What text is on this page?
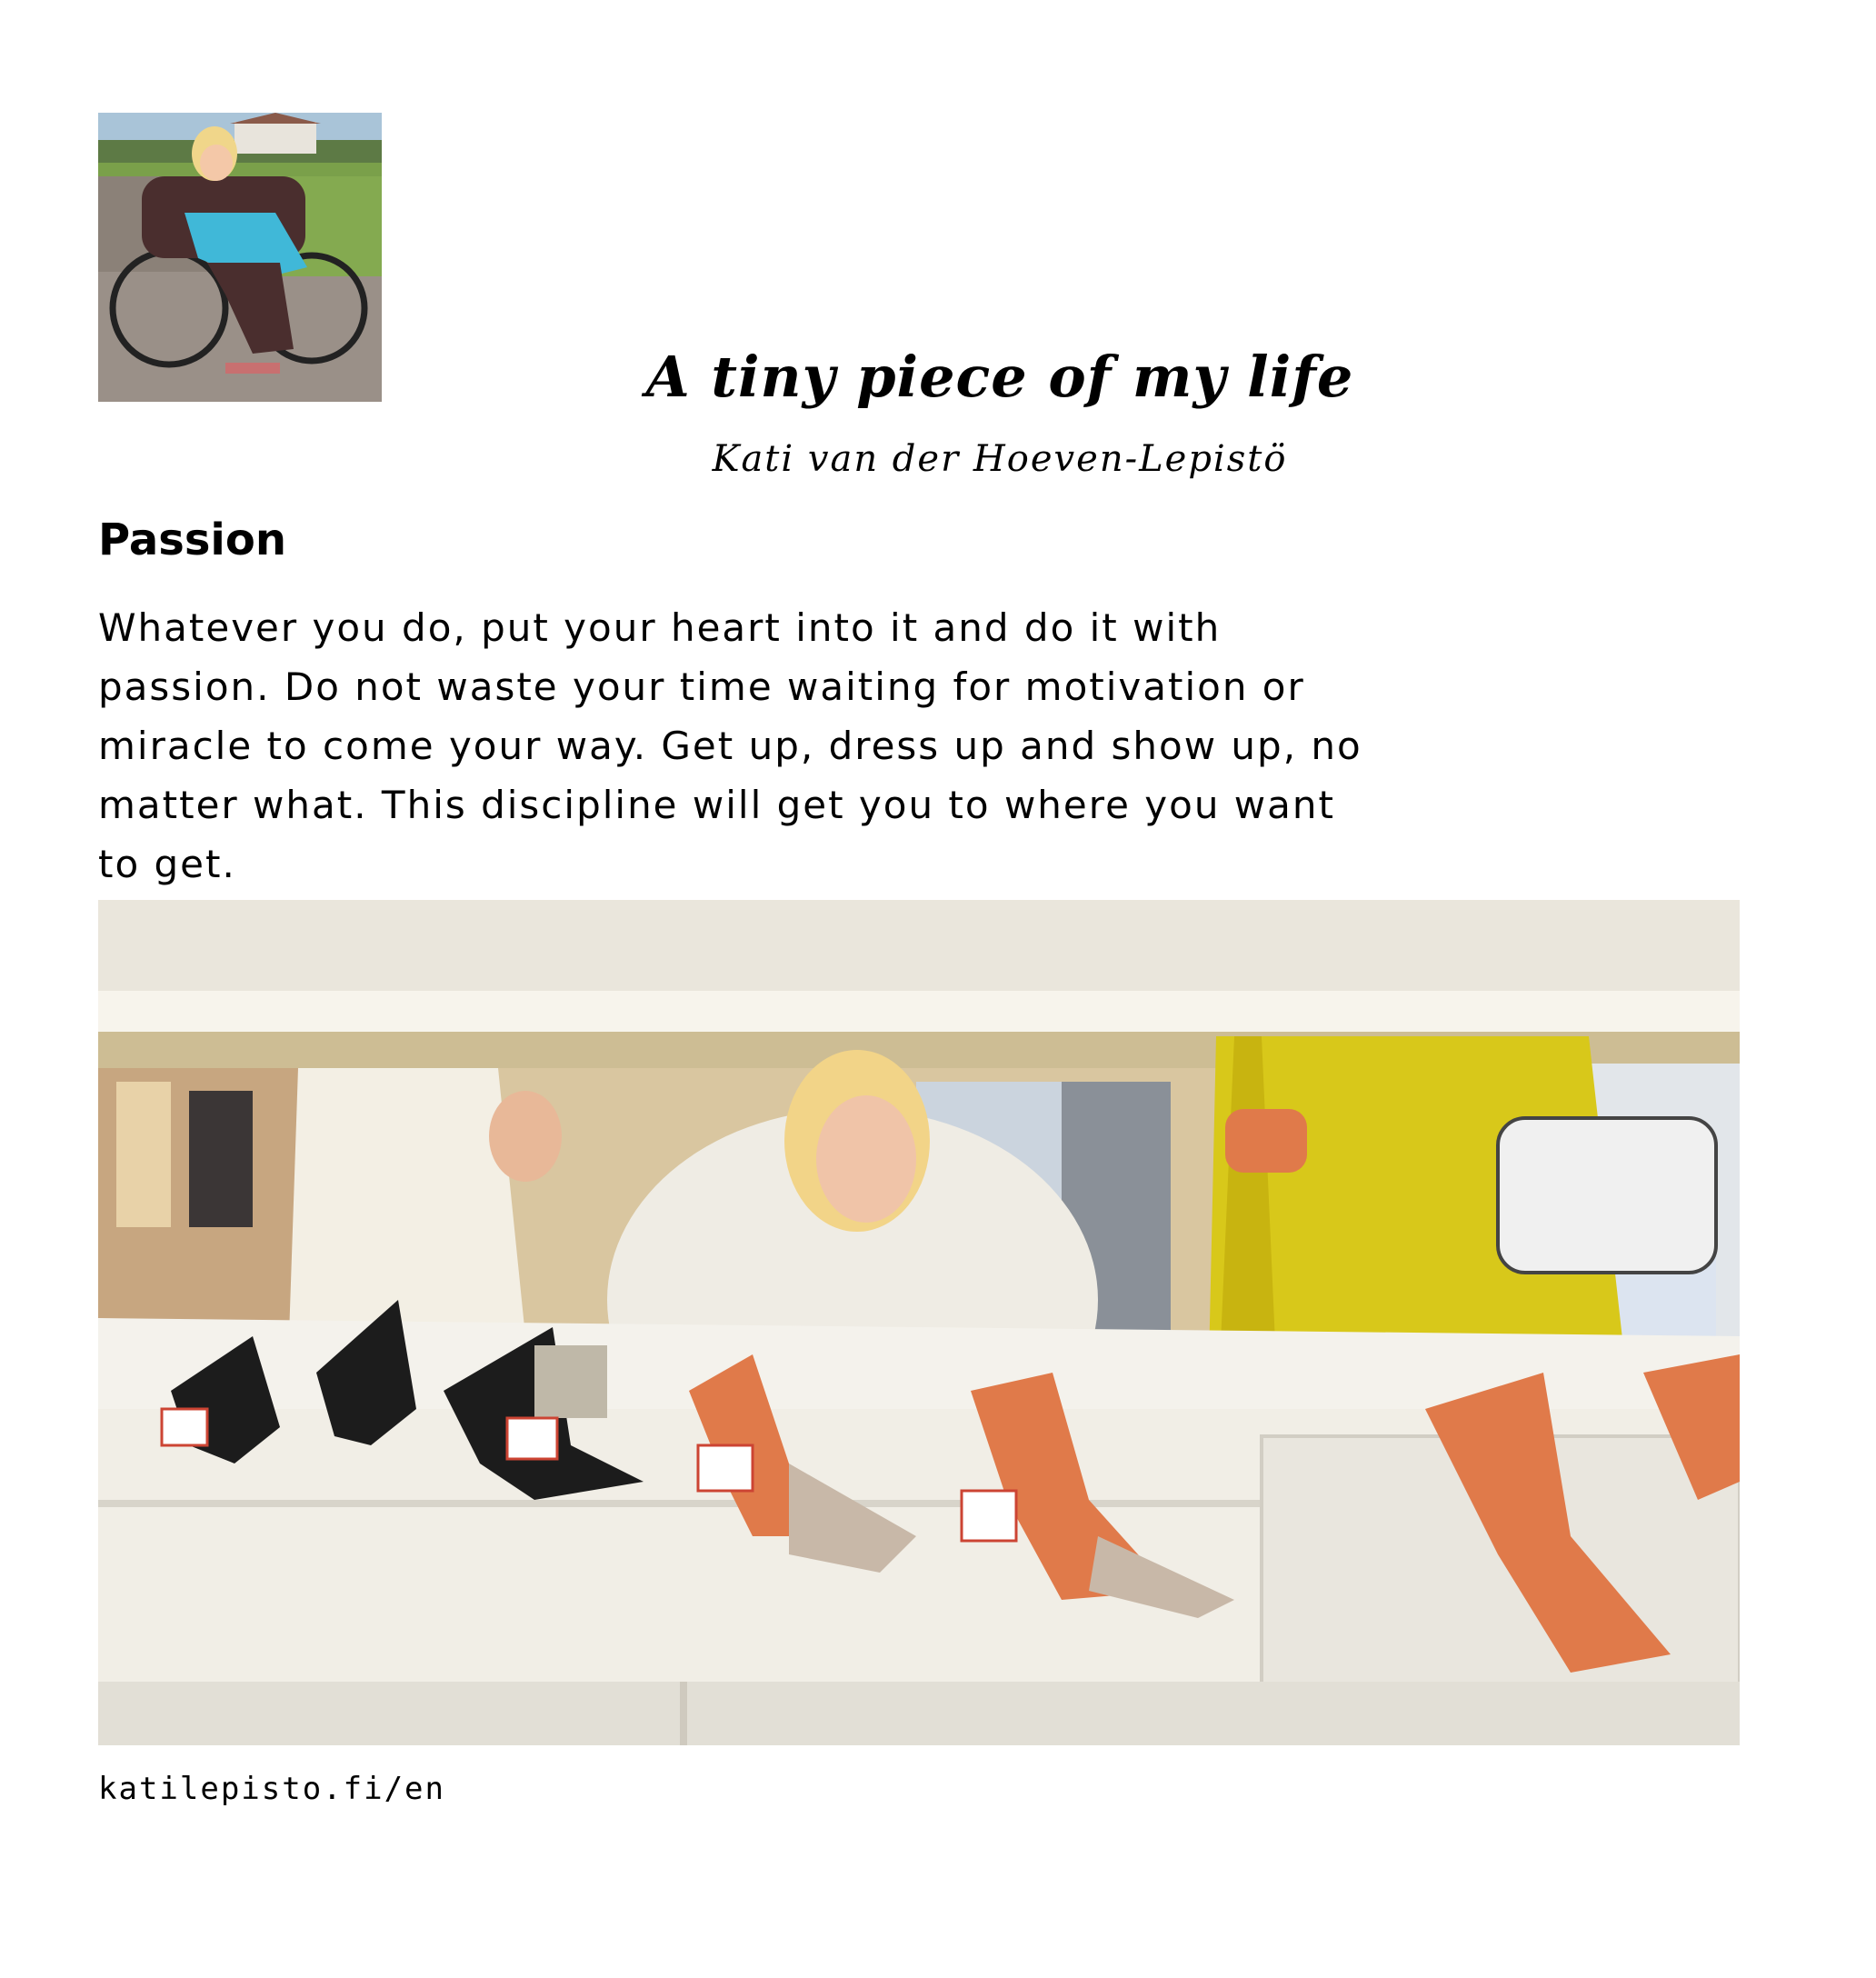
A tiny piece of my life
Kati van der Hoeven-Lepistö
Passion
Whatever you do, put your heart into it and do it with
passion. Do not waste your time waiting for motivation or
miracle to come your way. Get up, dress up and show up, no
matter what. This discipline will get you to where you want
to get.
katilepisto.fi/en
